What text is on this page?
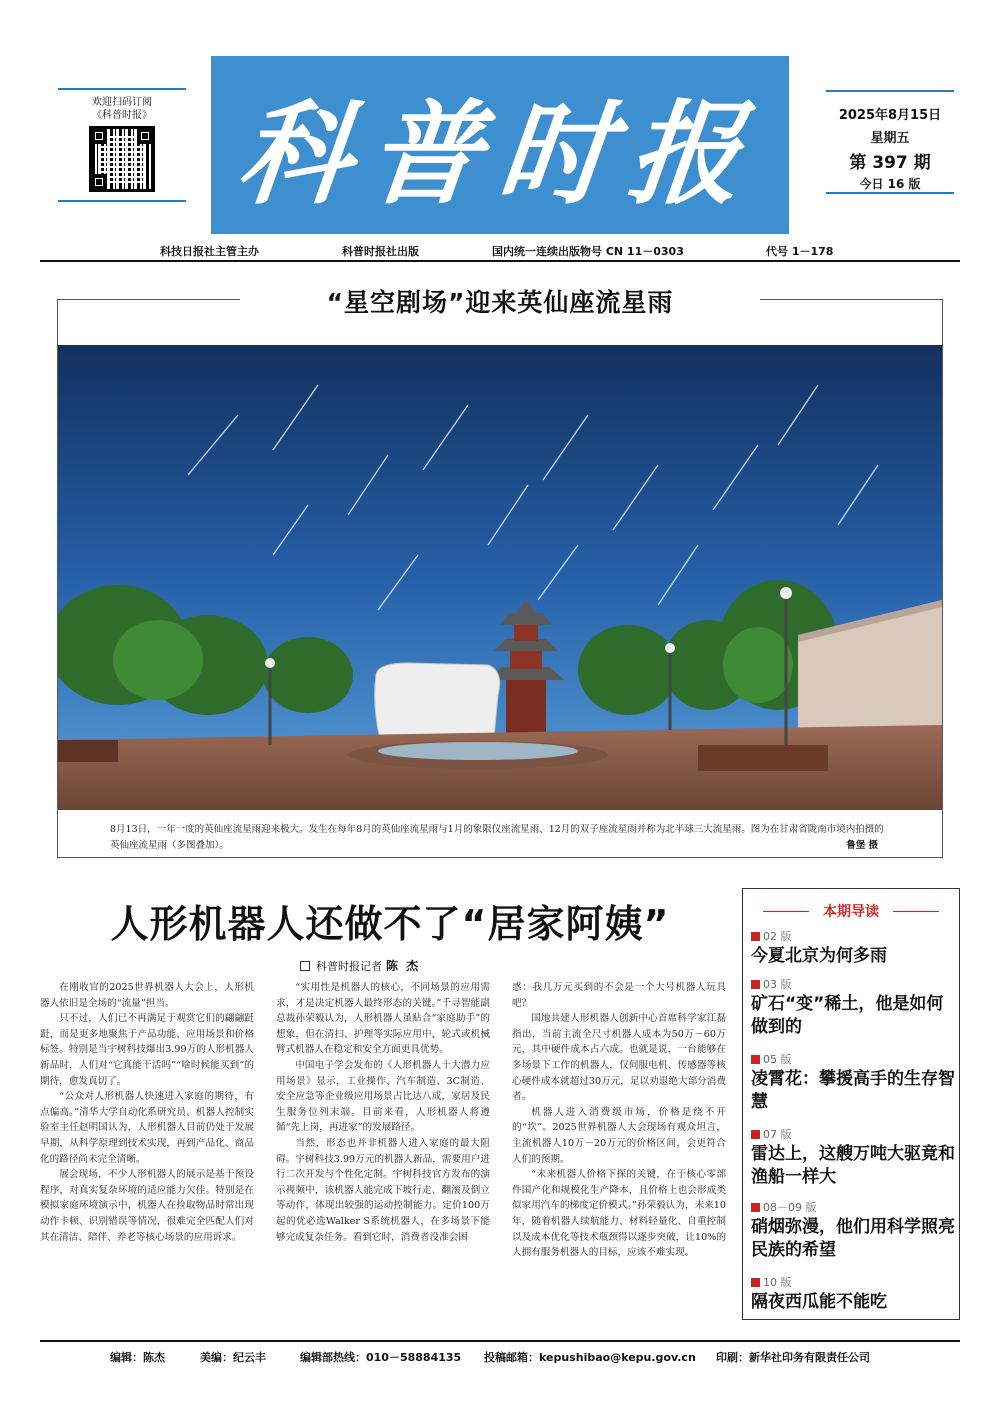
欢迎扫码订阅
《科普时报》 科普时报	2025年8月15日
星期五
第 397 期
今日 16 版
科技日报社主管主办	科普时报社出版	国内统一连续出版物号 CN 11－0303	代号 1－178
“星空剧场”迎来英仙座流星雨
8月13日，一年一度的英仙座流星雨迎来极大。发生在每年8月的英仙座流星雨与1月的象限仪座流星雨、12月的双子座流星雨并称为北半球三大流星雨。图为在甘肃省陇南市境内拍摄的英仙座流星雨（多图叠加）。	鲁堡 摄
人形机器人还做不了“居家阿姨”
科普时报记者 陈 杰

在刚收官的2025世界机器人大会上，人形机器人依旧是全场的“流量”担当。

只不过，人们已不再满足于观赏它们的翩翩跹跹，而是更多地聚焦于产品功能、应用场景和价格标签。特别是当宇树科技爆出3.99万的人形机器人新品时，人们对“它真能干活吗”“啥时候能买到”的期待，愈发真切了。

“公众对人形机器人快速进入家庭的期待，有点偏高。”清华大学自动化系研究员、机器人控制实验室主任赵明国认为，人形机器人目前仍处于发展早期，从科学原理到技术实现，再到产品化、商品化的路径尚未完全清晰。

展会现场，不少人形机器人的展示是基于预设程序，对真实复杂环境的适应能力欠佳。特别是在模拟家庭环境演示中，机器人在捡取物品时常出现动作卡顿、识别错误等情况，很难完全匹配人们对其在清洁、陪伴、养老等核心场景的应用诉求。

“实用性是机器人的核心，不同场景的应用需求，才是决定机器人最终形态的关键。”千寻智能副总裁孙荣毅认为，人形机器人虽贴合“家庭助手”的想象，但在清扫、护理等实际应用中，轮式或机械臂式机器人在稳定和安全方面更具优势。

中国电子学会发布的《人形机器人十大潜力应用场景》显示，工业操作、汽车制造、3C制造、安全应急等企业级应用场景占比达八成，家居及民生服务位列末端。目前来看，人形机器人将遵循“先上岗，再进家”的发展路径。

当然，形态也并非机器人进入家庭的最大阻碍。宇树科技3.99万元的机器人新品，需要用户进行二次开发与个性化定制。宇树科技官方发布的演示视频中，该机器人能完成下坡行走、翻滚及倒立等动作，体现出较强的运动控制能力。定价100万起的优必选Walker S系统机器人，在多场景下能够完成复杂任务。看到它时，消费者没准会困

惑：我几万元买到的不会是一个大号机器人玩具吧？

国地共建人形机器人创新中心首席科学家江磊指出，当前主流全尺寸机器人成本为50万－60万元，其中硬件成本占六成。也就是说，一台能够在多场景下工作的机器人，仅伺服电机、传感器等核心硬件成本就超过30万元，足以劝退绝大部分消费者。

机器人进入消费级市场，价格是绕不开的“坎”。2025世界机器人大会现场有观众坦言，主流机器人10万－20万元的价格区间，会更符合人们的预期。

“未来机器人价格下探的关键，在于核心零部件国产化和规模化生产降本，且价格上也会形成类似家用汽车的梯度定价模式。”孙荣毅认为，未来10年，随着机器人续航能力、材料轻量化、自重控制以及成本优化等技术瓶颈得以逐步突破，让10%的人拥有服务机器人的目标，应该不难实现。

本期导读
02 版
今夏北京为何多雨
03 版
矿石“变”稀土，他是如何做到的
05 版
凌霄花：攀援高手的生存智慧
07 版
雷达上，这艘万吨大驱竟和渔船一样大
08－09 版
硝烟弥漫，他们用科学照亮民族的希望
10 版
隔夜西瓜能不能吃
编辑：陈杰	美编：纪云丰	编辑部热线：010－58884135 投稿邮箱：kepushibao@kepu.gov.cn 印刷：新华社印务有限责任公司
